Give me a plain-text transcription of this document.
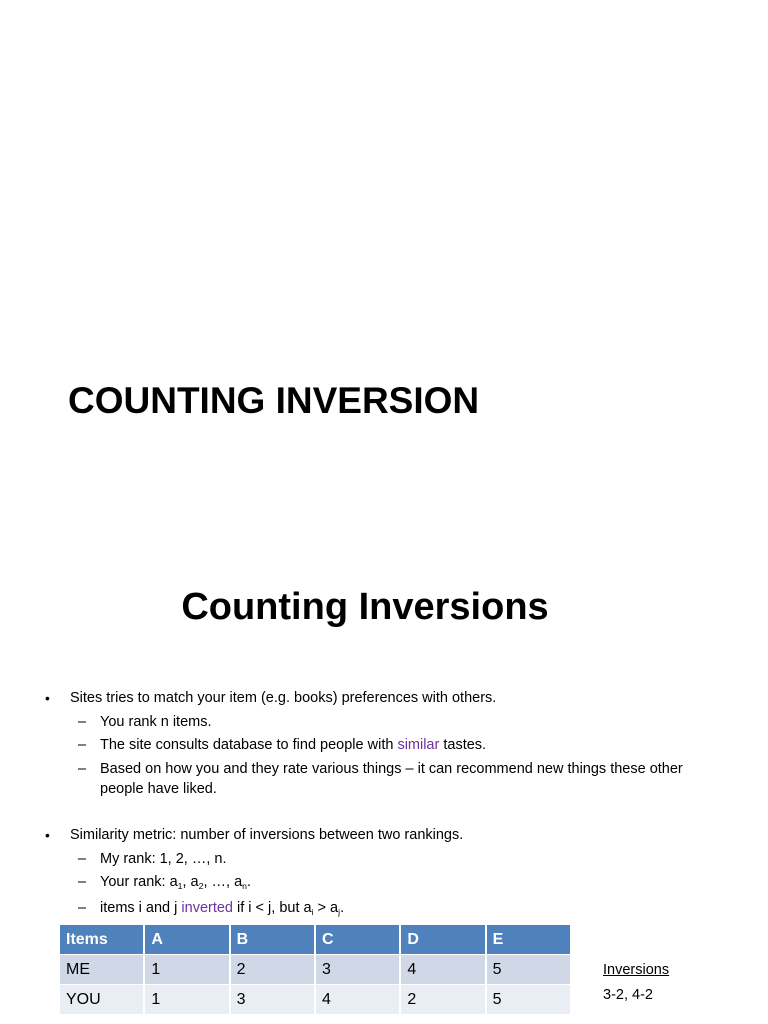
COUNTING INVERSION
Counting Inversions
• Sites tries to match your item (e.g. books) preferences with others.
– You rank n items.
– The site consults database to find people with similar tastes.
– Based on how you and they rate various things – it can recommend new things these other
people have liked.
• Similarity metric: number of inversions between two rankings.
– My rank: 1, 2, …, n.
– Your rank: $a_1$, $a_2$, …, $a_n$.
– items i and j inverted if i < j, but $a_i > a_j$.
Items	A	B	C	D	E
ME	1	2	3	4	5
YOU	1	3	4	2	5
Inversions
3-2, 4-2
